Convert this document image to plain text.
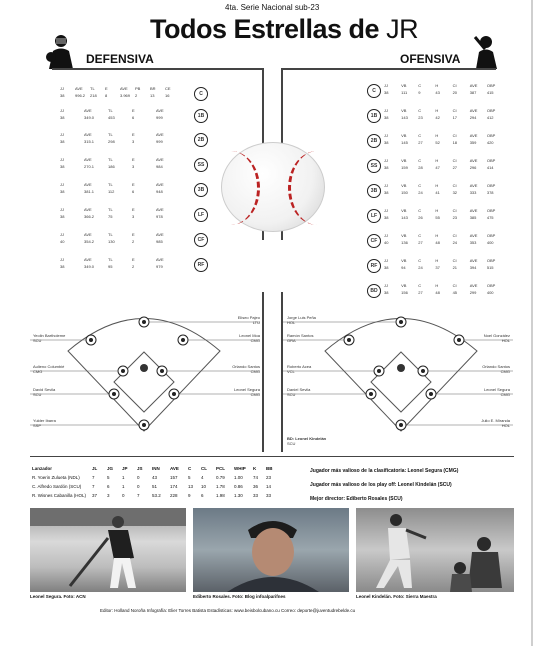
4ta. Serie Nacional sub-23
Todos Estrellas de JR
DEFENSIVA	OFENSIVA
JJ	AVE	TL	E	AVE	PB	BR	CE
38	996.2	218	8	3.969	2	13	16	C
JJ	AVE	TL	E	AVE
38	349.0	453	6	999	1B
JJ	AVE	TL	E	AVE
38	315.1	298	3	999	2B
JJ	AVE	TL	E	AVE
38	270.1	186	3	984	SS
JJ	AVE	TL	E	AVE
38	381.1	112	6	948	3B
JJ	AVE	TL	E	AVE
38	366.2	75	3	978	LF
JJ	AVE	TL	E	AVE
40	354.2	130	2	985	CF
JJ	AVE	TL	E	AVE
38	349.0	95	2	979	RF
C
JJ	VB	C	H	CI	AVE	OBP
38	111	9	43	20	387	415
1B
JJ	VB	C	H	CI	AVE	OBP
38	143	23	42	17	294	412
2B
JJ	VB	C	H	CI	AVE	OBP
38	145	27	52	18	359	420
SS
JJ	VB	C	H	CI	AVE	OBP
38	159	28	47	27	296	414
3B
JJ	VB	C	H	CI	AVE	OBP
38	150	24	41	32	333	378
LF
JJ	VB	C	H	CI	AVE	OBP
38	143	26	55	23	385	475
CF
JJ	VB	C	H	CI	AVE	OBP
40	136	27	48	24	353	400
RF
JJ	VB	C	H	CI	AVE	OBP
38	94	24	37	21	394	515
BD
JJ	VB	C	H	CI	AVE	OBP
38	156	27	48	45	299	400
Eliseo Pajeo
LTU
Leonel Moa
CMG
Orlando Santos
CMG
Leonel Segura
CMG
Yeolin Bartholeme
SCU
Aulieno Columbié
CMG
David Sevila
SCU
Yulder Ibarra
SSP
Jorge Luis Peña
HOL
Ramón Santos
GRA
Noel González
HOL
Roberto Acea
VCL
Orlando Santos
CMG
Daniel Sevila
SCU
Leonel Segura
CMG
Julio E. Miranda
HOL
BD: Leonel Kindelán
SCU
Lanzador	JL	JG	JP	JS	INN	AVE	C	CL	PCL	WHIP	K	BB
R. Yoerin Zulueta (NDL)	7	5	1	0	43	157	5	4	0.79	1.00	74	23
C. Alfredo Sardón (SCU)	7	6	1	0	51	174	13	10	1.78	0.86	36	14
R. Wisnes Cabanilla (HOL)	37	3	0	7	53.2	228	9	6	1.98	1.30	33	33
Jugador más valioso de la clasificatoria: Leonel Segura (CMG)
Jugador más valioso de los play off: Leonel Kindelán (SCU)
Mejor director: Ediberto Rosales (SCU)
Leonel Segura. Foto: ACN	Ediberto Rosales. Foto: Blog infoalparifnes	Leonel Kindelán. Foto: Sierra Maestra
Editor: Holland Noroña Infografía: Elier Torres Batista Estadísticas: www.beisbolcubano.cu Correo: deporte@juventudrebelde.cu
